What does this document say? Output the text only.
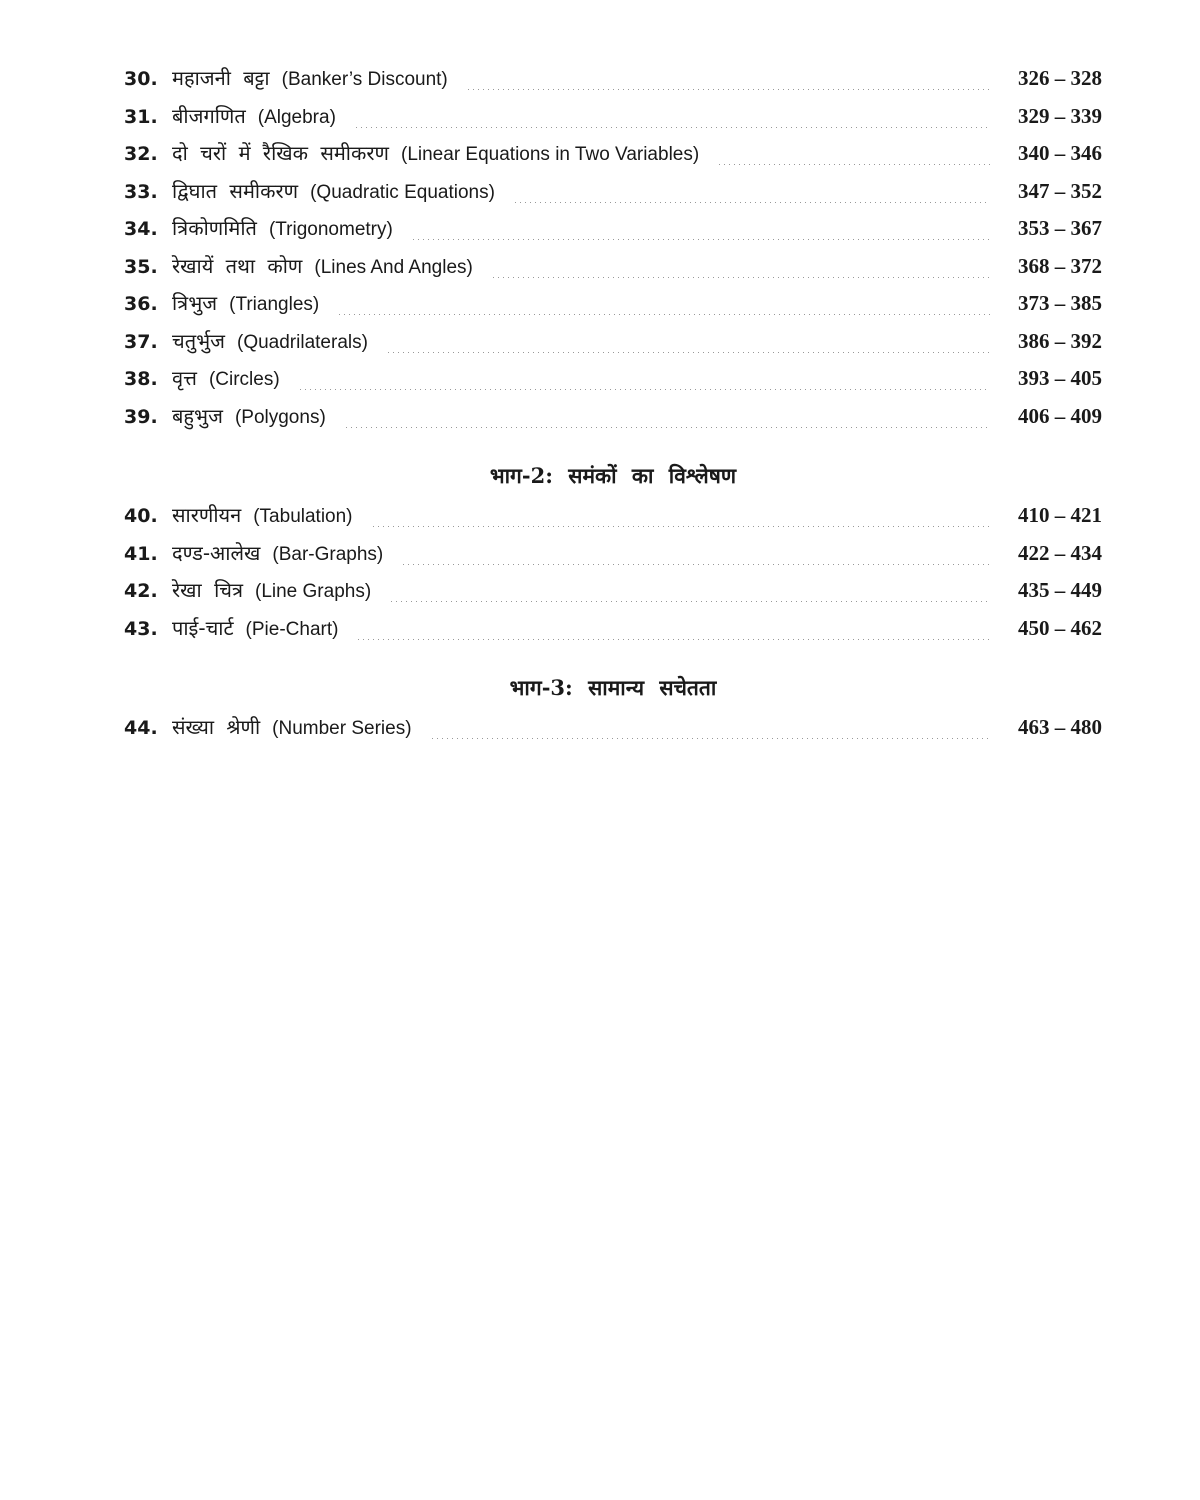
30. महाजनी बट्टा (Banker’s Discount)	326 – 328
31. बीजगणित (Algebra)	329 – 339
32. दो चरों में रैखिक समीकरण (Linear Equations in Two Variables)	340 – 346
33. द्विघात समीकरण (Quadratic Equations)	347 – 352
34. त्रिकोणमिति (Trigonometry)	353 – 367
35. रेखायें तथा कोण (Lines And Angles)	368 – 372
36. त्रिभुज (Triangles)	373 – 385
37. चतुर्भुज (Quadrilaterals)	386 – 392
38. वृत्त (Circles)	393 – 405
39. बहुभुज (Polygons)	406 – 409
भाग-2: समंकों का विश्लेषण
40. सारणीयन (Tabulation)	410 – 421
41. दण्ड-आलेख (Bar-Graphs)	422 – 434
42. रेखा चित्र (Line Graphs)	435 – 449
43. पाई-चार्ट (Pie-Chart)	450 – 462
भाग-3: सामान्य सचेतता
44. संख्या श्रेणी (Number Series)	463 – 480
